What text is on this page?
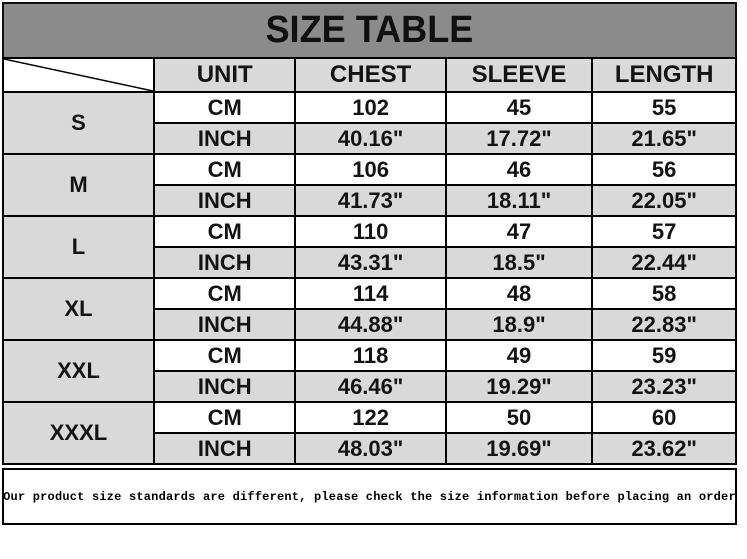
SIZE TABLE
	UNIT	CHEST	SLEEVE	LENGTH
S	CM	102	45	55
	INCH	40.16"	17.72"	21.65"
M	CM	106	46	56
	INCH	41.73"	18.11"	22.05"
L	CM	110	47	57
	INCH	43.31"	18.5"	22.44"
XL	CM	114	48	58
	INCH	44.88"	18.9"	22.83"
XXL	CM	118	49	59
	INCH	46.46"	19.29"	23.23"
XXXL	CM	122	50	60
	INCH	48.03"	19.69"	23.62"
Our product size standards are different, please check the size information before placing an order
